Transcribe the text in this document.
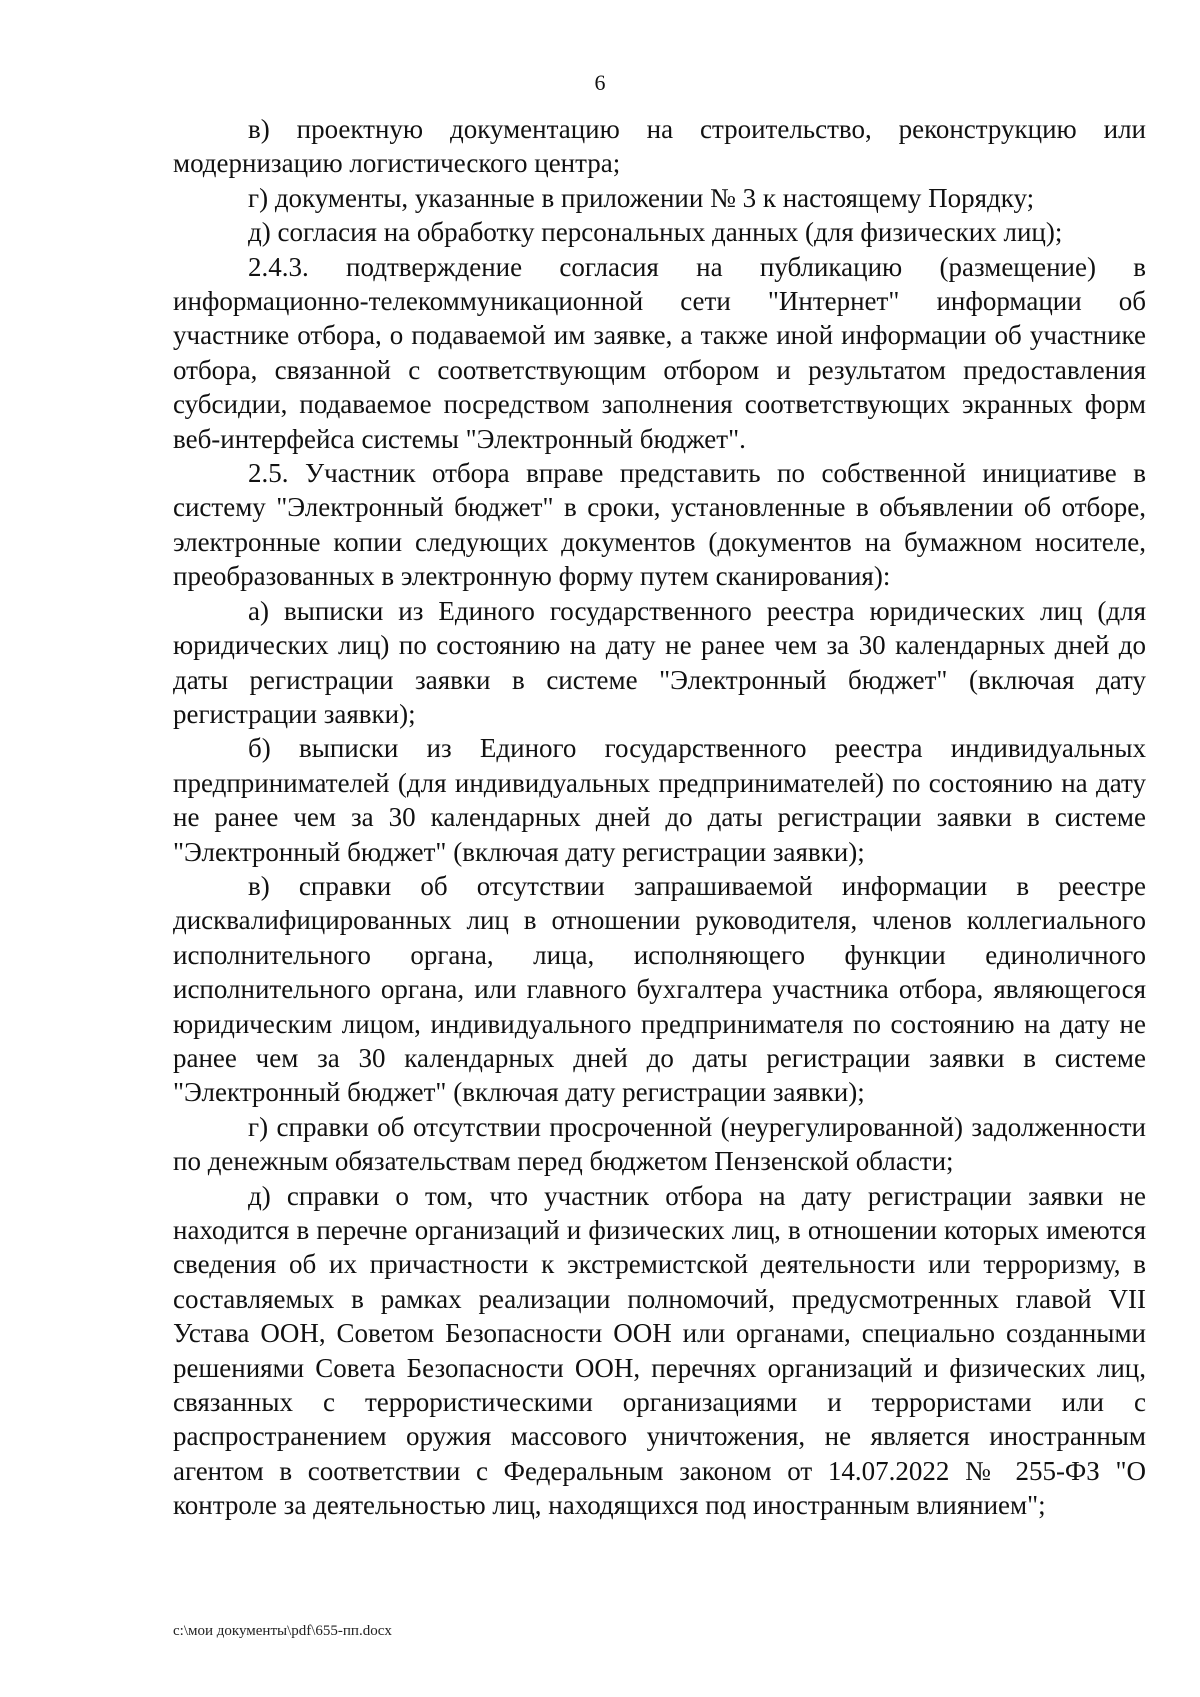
6

в) проектную документацию на строительство, реконструкцию или модернизацию логистического центра;

г) документы, указанные в приложении № 3 к настоящему Порядку;

д) согласия на обработку персональных данных (для физических лиц);

2.4.3. подтверждение согласия на публикацию (размещение) в информационно-телекоммуникационной сети "Интернет" информации об участнике отбора, о подаваемой им заявке, а также иной информации об участнике отбора, связанной с соответствующим отбором и результатом предоставления субсидии, подаваемое посредством заполнения соответствующих экранных форм веб-интерфейса системы "Электронный бюджет".

2.5. Участник отбора вправе представить по собственной инициативе в систему "Электронный бюджет" в сроки, установленные в объявлении об отборе, электронные копии следующих документов (документов на бумажном носителе, преобразованных в электронную форму путем сканирования):

а) выписки из Единого государственного реестра юридических лиц (для юридических лиц) по состоянию на дату не ранее чем за 30 календарных дней до даты регистрации заявки в системе "Электронный бюджет" (включая дату регистрации заявки);

б) выписки из Единого государственного реестра индивидуальных предпринимателей (для индивидуальных предпринимателей) по состоянию на дату не ранее чем за 30 календарных дней до даты регистрации заявки в системе "Электронный бюджет" (включая дату регистрации заявки);

в) справки об отсутствии запрашиваемой информации в реестре дисквалифицированных лиц в отношении руководителя, членов коллегиального исполнительного органа, лица, исполняющего функции единоличного исполнительного органа, или главного бухгалтера участника отбора, являющегося юридическим лицом, индивидуального предпринимателя по состоянию на дату не ранее чем за 30 календарных дней до даты регистрации заявки в системе "Электронный бюджет" (включая дату регистрации заявки);

г) справки об отсутствии просроченной (неурегулированной) задолженности по денежным обязательствам перед бюджетом Пензенской области;

д) справки о том, что участник отбора на дату регистрации заявки не находится в перечне организаций и физических лиц, в отношении которых имеются сведения об их причастности к экстремистской деятельности или терроризму, в составляемых в рамках реализации полномочий, предусмотренных главой VII Устава ООН, Советом Безопасности ООН или органами, специально созданными решениями Совета Безопасности ООН, перечнях организаций и физических лиц, связанных с террористическими организациями и террористами или с распространением оружия массового уничтожения, не является иностранным агентом в соответствии с Федеральным законом от 14.07.2022 № 255-ФЗ "О контроле за деятельностью лиц, находящихся под иностранным влиянием";

c:\мои документы\pdf\655-пп.docx
